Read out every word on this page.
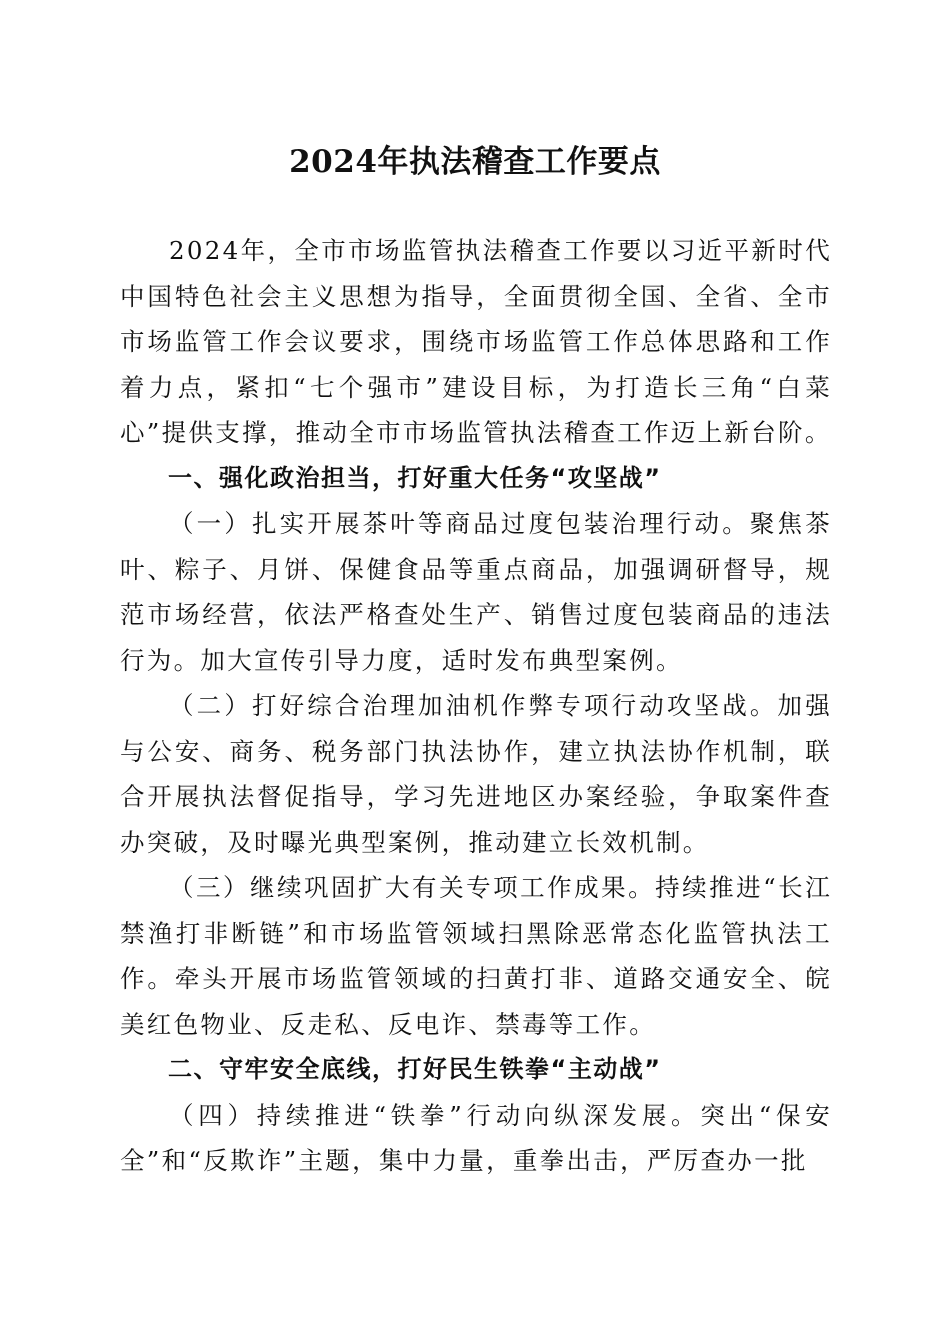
2024年执法稽查工作要点

2024年，全市市场监管执法稽查工作要以习近平新时代中国特色社会主义思想为指导，全面贯彻全国、全省、全市市场监管工作会议要求，围绕市场监管工作总体思路和工作着力点，紧扣“七个强市”建设目标，为打造长三角“白菜心”提供支撑，推动全市市场监管执法稽查工作迈上新台阶。

一、强化政治担当，打好重大任务“攻坚战”

（一）扎实开展茶叶等商品过度包装治理行动。聚焦茶叶、粽子、月饼、保健食品等重点商品，加强调研督导，规范市场经营，依法严格查处生产、销售过度包装商品的违法行为。加大宣传引导力度，适时发布典型案例。

（二）打好综合治理加油机作弊专项行动攻坚战。加强与公安、商务、税务部门执法协作，建立执法协作机制，联合开展执法督促指导，学习先进地区办案经验，争取案件查办突破，及时曝光典型案例，推动建立长效机制。

（三）继续巩固扩大有关专项工作成果。持续推进“长江禁渔打非断链”和市场监管领域扫黑除恶常态化监管执法工作。牵头开展市场监管领域的扫黄打非、道路交通安全、皖美红色物业、反走私、反电诈、禁毒等工作。

二、守牢安全底线，打好民生铁拳“主动战”

（四）持续推进“铁拳”行动向纵深发展。突出“保安全”和“反欺诈”主题，集中力量，重拳出击，严厉查办一批
